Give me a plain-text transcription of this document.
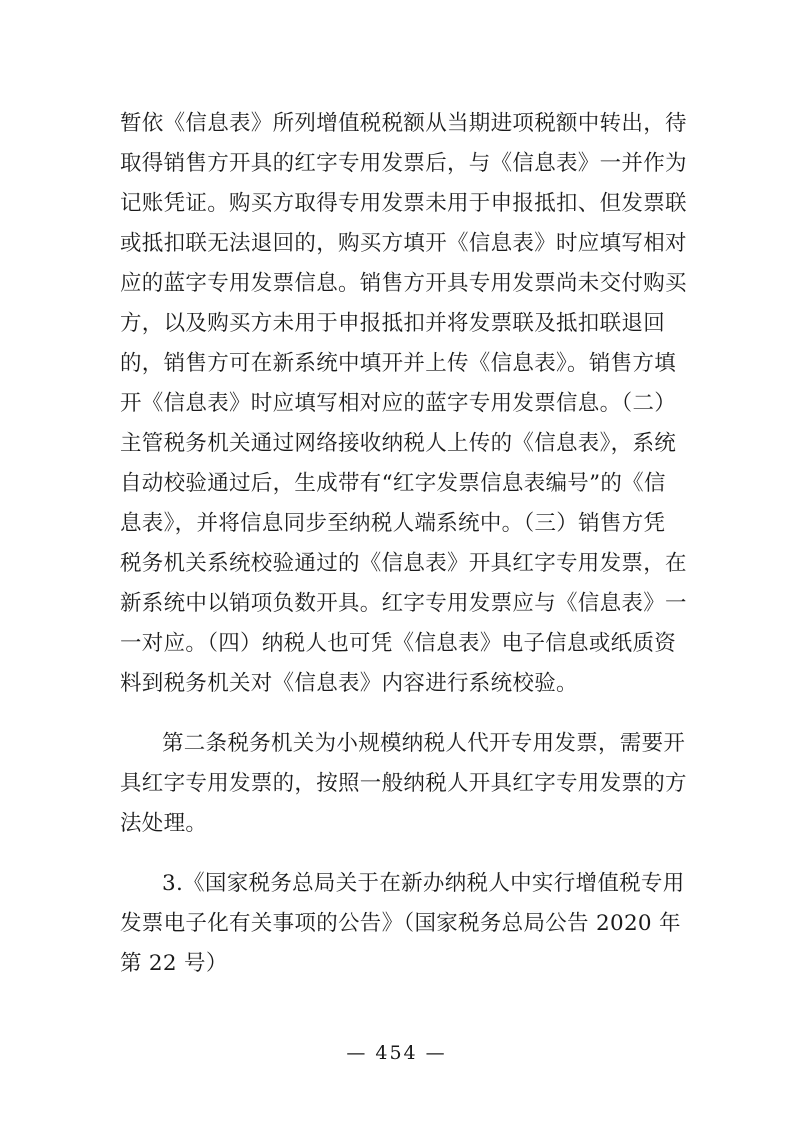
暂依《信息表》所列增值税税额从当期进项税额中转出，待
取得销售方开具的红字专用发票后，与《信息表》一并作为
记账凭证。购买方取得专用发票未用于申报抵扣、但发票联
或抵扣联无法退回的，购买方填开《信息表》时应填写相对
应的蓝字专用发票信息。销售方开具专用发票尚未交付购买
方，以及购买方未用于申报抵扣并将发票联及抵扣联退回
的，销售方可在新系统中填开并上传《信息表》。销售方填
开《信息表》时应填写相对应的蓝字专用发票信息。（二）
主管税务机关通过网络接收纳税人上传的《信息表》，系统
自动校验通过后，生成带有“红字发票信息表编号”的《信
息表》，并将信息同步至纳税人端系统中。（三）销售方凭
税务机关系统校验通过的《信息表》开具红字专用发票，在
新系统中以销项负数开具。红字专用发票应与《信息表》一
一对应。（四）纳税人也可凭《信息表》电子信息或纸质资
料到税务机关对《信息表》内容进行系统校验。
第二条税务机关为小规模纳税人代开专用发票，需要开
具红字专用发票的，按照一般纳税人开具红字专用发票的方
法处理。
3.《国家税务总局关于在新办纳税人中实行增值税专用
发票电子化有关事项的公告》（国家税务总局公告 2020 年
第 22 号）
— 454 —
